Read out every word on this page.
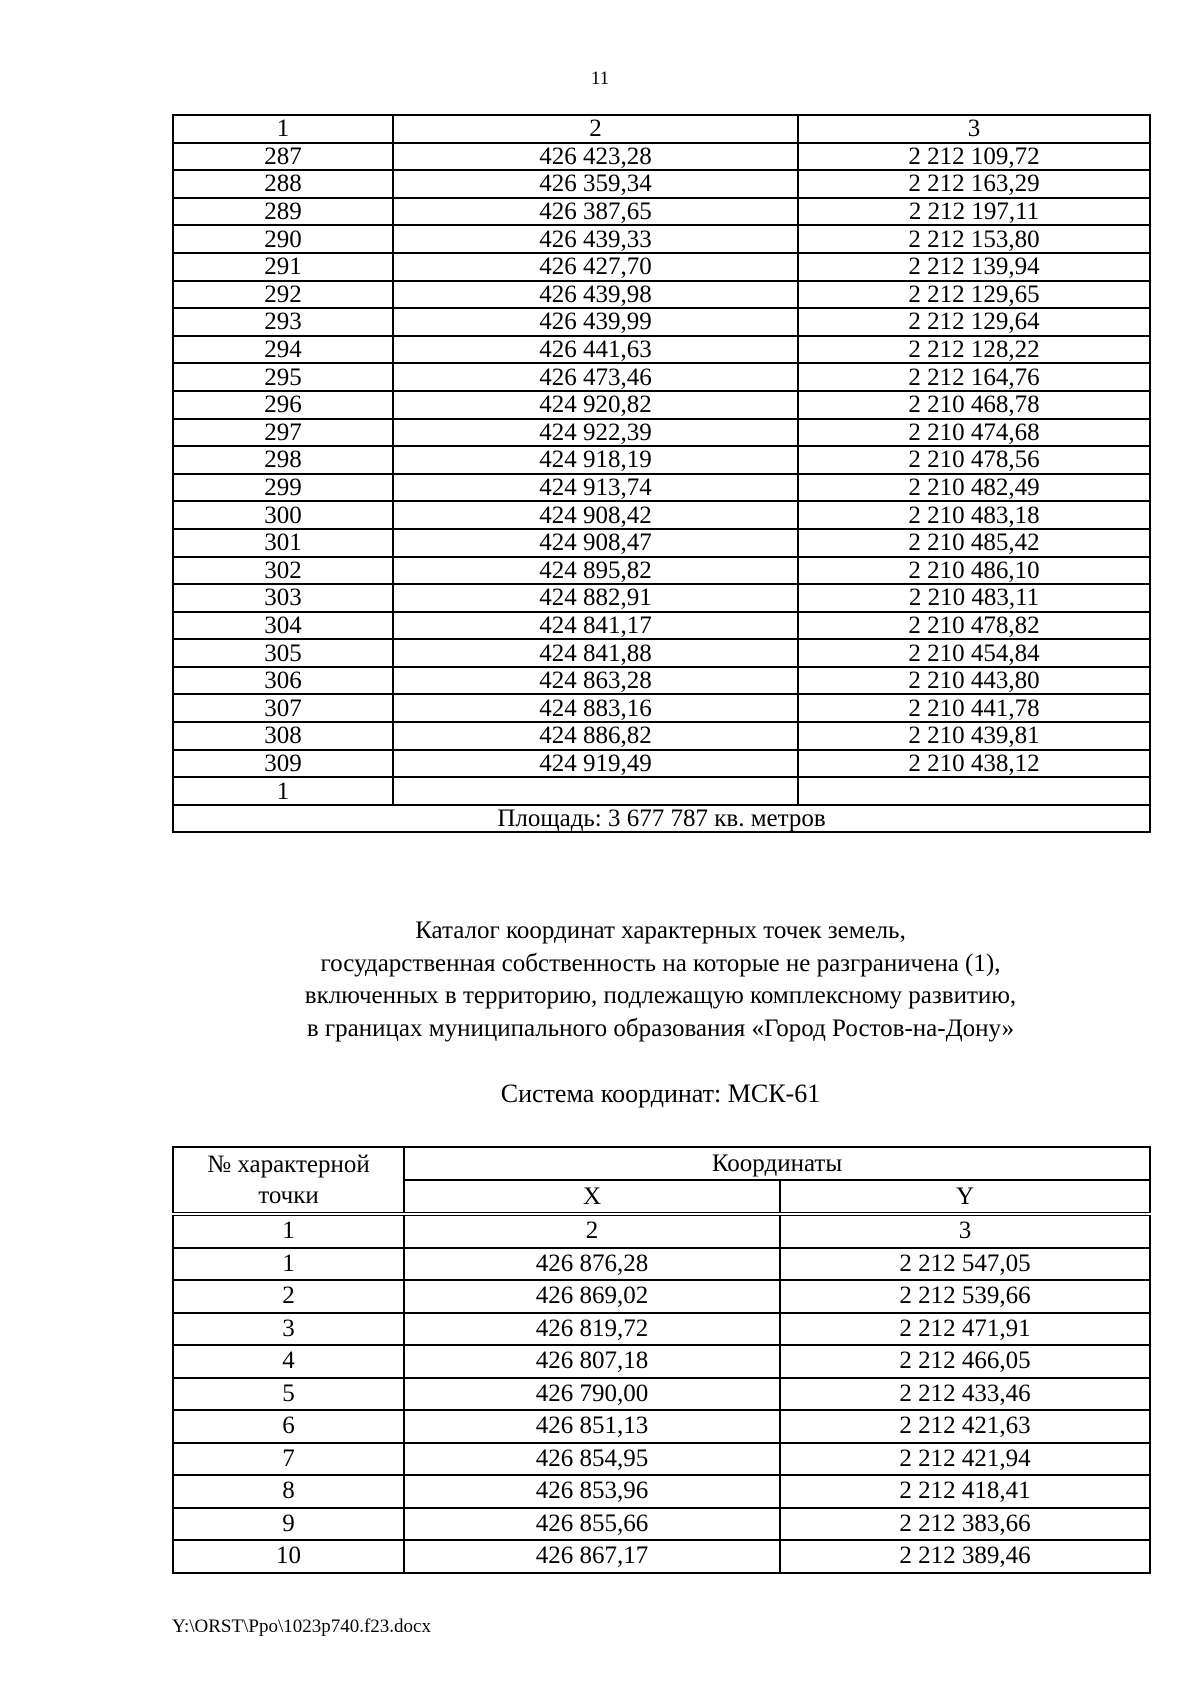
11
1	2	3
287	426 423,28	2 212 109,72
288	426 359,34	2 212 163,29
289	426 387,65	2 212 197,11
290	426 439,33	2 212 153,80
291	426 427,70	2 212 139,94
292	426 439,98	2 212 129,65
293	426 439,99	2 212 129,64
294	426 441,63	2 212 128,22
295	426 473,46	2 212 164,76
296	424 920,82	2 210 468,78
297	424 922,39	2 210 474,68
298	424 918,19	2 210 478,56
299	424 913,74	2 210 482,49
300	424 908,42	2 210 483,18
301	424 908,47	2 210 485,42
302	424 895,82	2 210 486,10
303	424 882,91	2 210 483,11
304	424 841,17	2 210 478,82
305	424 841,88	2 210 454,84
306	424 863,28	2 210 443,80
307	424 883,16	2 210 441,78
308	424 886,82	2 210 439,81
309	424 919,49	2 210 438,12
1		
Площадь: 3 677 787 кв. метров		
Каталог координат характерных точек земель,
государственная собственность на которые не разграничена (1),
включенных в территорию, подлежащую комплексному развитию,
в границах муниципального образования «Город Ростов-на-Дону»
Система координат: МСК-61
№ характерной точки	Координаты	
	X	Y
1	2	3
1	426 876,28	2 212 547,05
2	426 869,02	2 212 539,66
3	426 819,72	2 212 471,91
4	426 807,18	2 212 466,05
5	426 790,00	2 212 433,46
6	426 851,13	2 212 421,63
7	426 854,95	2 212 421,94
8	426 853,96	2 212 418,41
9	426 855,66	2 212 383,66
10	426 867,17	2 212 389,46
Y:\ORST\Ppo\1023p740.f23.docx
